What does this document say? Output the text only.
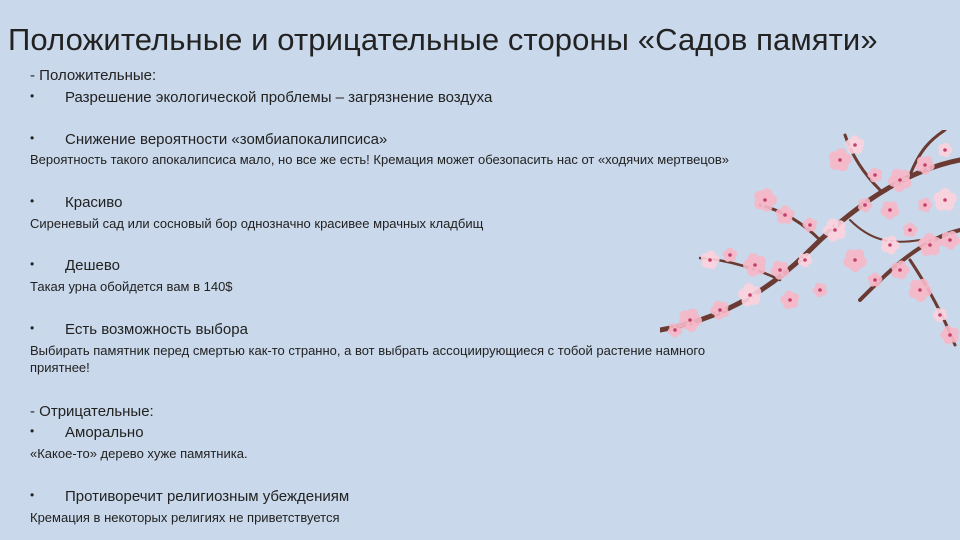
Положительные и отрицательные стороны «Садов памяти»
- Положительные:
• Разрешение экологической проблемы – загрязнение воздуха
• Снижение вероятности «зомбиапокалипсиса»
Вероятность такого апокалипсиса мало, но все же есть! Кремация может обезопасить нас от «ходячих мертвецов»
• Красиво
Сиреневый сад или сосновый бор однозначно красивее мрачных кладбищ
• Дешево
Такая урна обойдется вам в 140$
• Есть возможность выбора
Выбирать памятник перед смертью как-то странно, а вот выбрать ассоциирующиеся с тобой растение намного
приятнее!
- Отрицательные:
• Аморально
«Какое-то» дерево хуже памятника.
• Противоречит религиозным убеждениям
Кремация в некоторых религиях не приветствуется
